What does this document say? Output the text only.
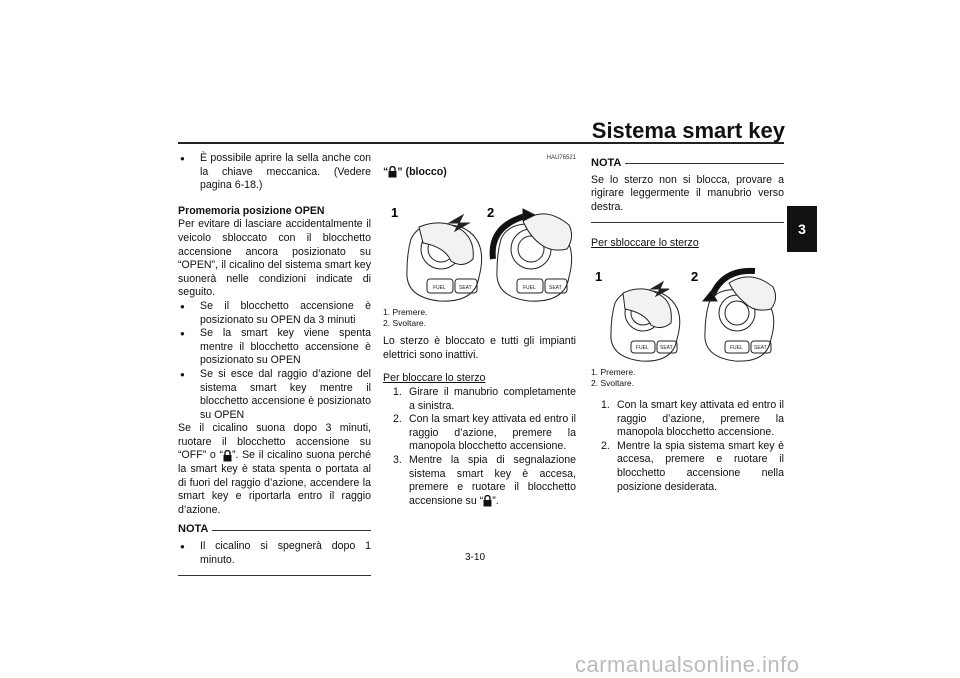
Sistema smart key
3

● È possibile aprire la sella anche con la chiave meccanica. (Vedere pagina 6-18.)

Promemoria posizione OPEN

Per evitare di lasciare accidentalmente il veicolo sbloccato con il blocchetto accensione ancora posizionato su “OPEN”, il cicalino del sistema smart key suonerà nelle condizioni indicate di seguito.

● Se il blocchetto accensione è posizionato su OPEN da 3 minuti

● Se la smart key viene spenta mentre il blocchetto accensione è posizionato su OPEN

● Se si esce dal raggio d’azione del sistema smart key mentre il blocchetto accensione è posizionato su OPEN

Se il cicalino suona dopo 3 minuti, ruotare il blocchetto accensione su “OFF” o “ ”. Se il cicalino suona perché la smart key è stata spenta o portata al di fuori del raggio d’azione, accendere la smart key e riportarla entro il raggio d’azione.

NOTA

● Il cicalino si spegnerà dopo 1 minuto.

HAU76521

“ ” (blocco)

1	2
FUEL	SEAT	FUEL	SEAT

1. Premere.

2. Svoltare.

Lo sterzo è bloccato e tutti gli impianti elettrici sono inattivi.

Per bloccare lo sterzo

1. Girare il manubrio completamente a sinistra.

2. Con la smart key attivata ed entro il raggio d’azione, premere la manopola blocchetto accensione.

3. Mentre la spia di segnalazione sistema smart key è accesa, premere e ruotare il blocchetto accensione su “ ”.

NOTA

Se lo sterzo non si blocca, provare a rigirare leggermente il manubrio verso destra.

Per sbloccare lo sterzo

1	2
FUEL SEAT	FUEL SEAT

1. Premere.

2. Svoltare.

1. Con la smart key attivata ed entro il raggio d’azione, premere la manopola blocchetto accensione.

2. Mentre la spia sistema smart key è accesa, premere e ruotare il blocchetto accensione nella posizione desiderata.

3-10
carmanualsonline.info
